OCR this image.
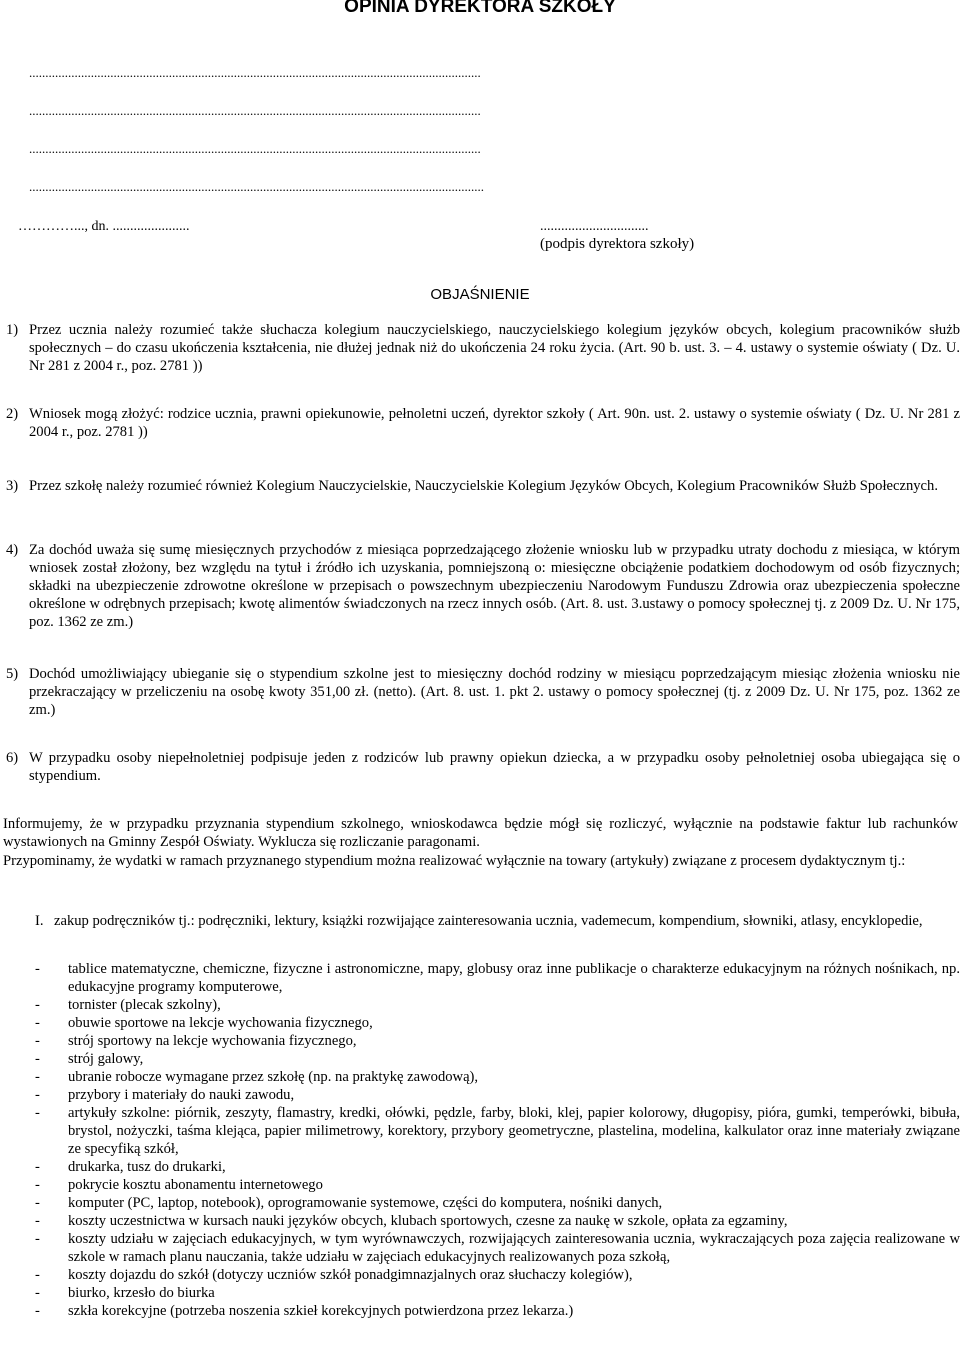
OPINIA DYREKTORA SZKOŁY
...........................................................................................................................................
...........................................................................................................................................
...........................................................................................................................................
............................................................................................................................................
…………..., dn. ......................	...............................
(podpis dyrektora szkoły)
OBJAŚNIENIE
1) Przez ucznia należy rozumieć także słuchacza kolegium nauczycielskiego, nauczycielskiego kolegium języków obcych, kolegium pracowników służb społecznych – do czasu ukończenia kształcenia, nie dłużej jednak niż do ukończenia 24 roku życia. (Art. 90 b. ust. 3. – 4. ustawy o systemie oświaty ( Dz. U. Nr 281 z 2004 r., poz. 2781 ))
2) Wniosek mogą złożyć: rodzice ucznia, prawni opiekunowie, pełnoletni uczeń, dyrektor szkoły ( Art. 90n. ust. 2. ustawy o systemie oświaty ( Dz. U. Nr 281 z 2004 r., poz. 2781 ))
3) Przez szkołę należy rozumieć również Kolegium Nauczycielskie, Nauczycielskie Kolegium Języków Obcych, Kolegium Pracowników Służb Społecznych.
4) Za dochód uważa się sumę miesięcznych przychodów z miesiąca poprzedzającego złożenie wniosku lub w przypadku utraty dochodu z miesiąca, w którym wniosek został złożony, bez względu na tytuł i źródło ich uzyskania, pomniejszoną o: miesięczne obciążenie podatkiem dochodowym od osób fizycznych; składki na ubezpieczenie zdrowotne określone w przepisach o powszechnym ubezpieczeniu Narodowym Funduszu Zdrowia oraz ubezpieczenia społeczne określone w odrębnych przepisach; kwotę alimentów świadczonych na rzecz innych osób. (Art. 8. ust. 3.ustawy o pomocy społecznej tj. z 2009 Dz. U. Nr 175, poz. 1362 ze zm.)
5) Dochód umożliwiający ubieganie się o stypendium szkolne jest to miesięczny dochód rodziny w miesiącu poprzedzającym miesiąc złożenia wniosku nie przekraczający w przeliczeniu na osobę kwoty 351,00 zł. (netto). (Art. 8. ust. 1. pkt 2. ustawy o pomocy społecznej (tj. z 2009 Dz. U. Nr 175, poz. 1362 ze zm.)
6) W przypadku osoby niepełnoletniej podpisuje jeden z rodziców lub prawny opiekun dziecka, a w przypadku osoby pełnoletniej osoba ubiegająca się o stypendium.
Informujemy, że w przypadku przyznania stypendium szkolnego, wnioskodawca będzie mógł się rozliczyć, wyłącznie na podstawie faktur lub rachunków wystawionych na Gminny Zespół Oświaty. Wyklucza się rozliczanie paragonami.
Przypominamy, że wydatki w ramach przyznanego stypendium można realizować wyłącznie na towary (artykuły) związane z procesem dydaktycznym tj.:
I. zakup podręczników tj.: podręczniki, lektury, książki rozwijające zainteresowania ucznia, vademecum, kompendium, słowniki, atlasy, encyklopedie,
- tablice matematyczne, chemiczne, fizyczne i astronomiczne, mapy, globusy oraz inne publikacje o charakterze edukacyjnym na różnych nośnikach, np. edukacyjne programy komputerowe,
- tornister (plecak szkolny),
- obuwie sportowe na lekcje wychowania fizycznego,
- strój sportowy na lekcje wychowania fizycznego,
- strój galowy,
- ubranie robocze wymagane przez szkołę (np. na praktykę zawodową),
- przybory i materiały do nauki zawodu,
- artykuły szkolne: piórnik, zeszyty, flamastry, kredki, ołówki, pędzle, farby, bloki, klej, papier kolorowy, długopisy, pióra, gumki, temperówki, bibuła, brystol, nożyczki, taśma klejąca, papier milimetrowy, korektory, przybory geometryczne, plastelina, modelina, kalkulator oraz inne materiały związane ze specyfiką szkół,
- drukarka, tusz do drukarki,
- pokrycie kosztu abonamentu internetowego
- komputer (PC, laptop, notebook), oprogramowanie systemowe, części do komputera, nośniki danych,
- koszty uczestnictwa w kursach nauki języków obcych, klubach sportowych, czesne za naukę w szkole, opłata za egzaminy,
- koszty udziału w zajęciach edukacyjnych, w tym wyrównawczych, rozwijających zainteresowania ucznia, wykraczających poza zajęcia realizowane w szkole w ramach planu nauczania, także udziału w zajęciach edukacyjnych realizowanych poza szkołą,
- koszty dojazdu do szkół (dotyczy uczniów szkół ponadgimnazjalnych oraz słuchaczy kolegiów),
- biurko, krzesło do biurka
- szkła korekcyjne (potrzeba noszenia szkieł korekcyjnych potwierdzona przez lekarza.)
